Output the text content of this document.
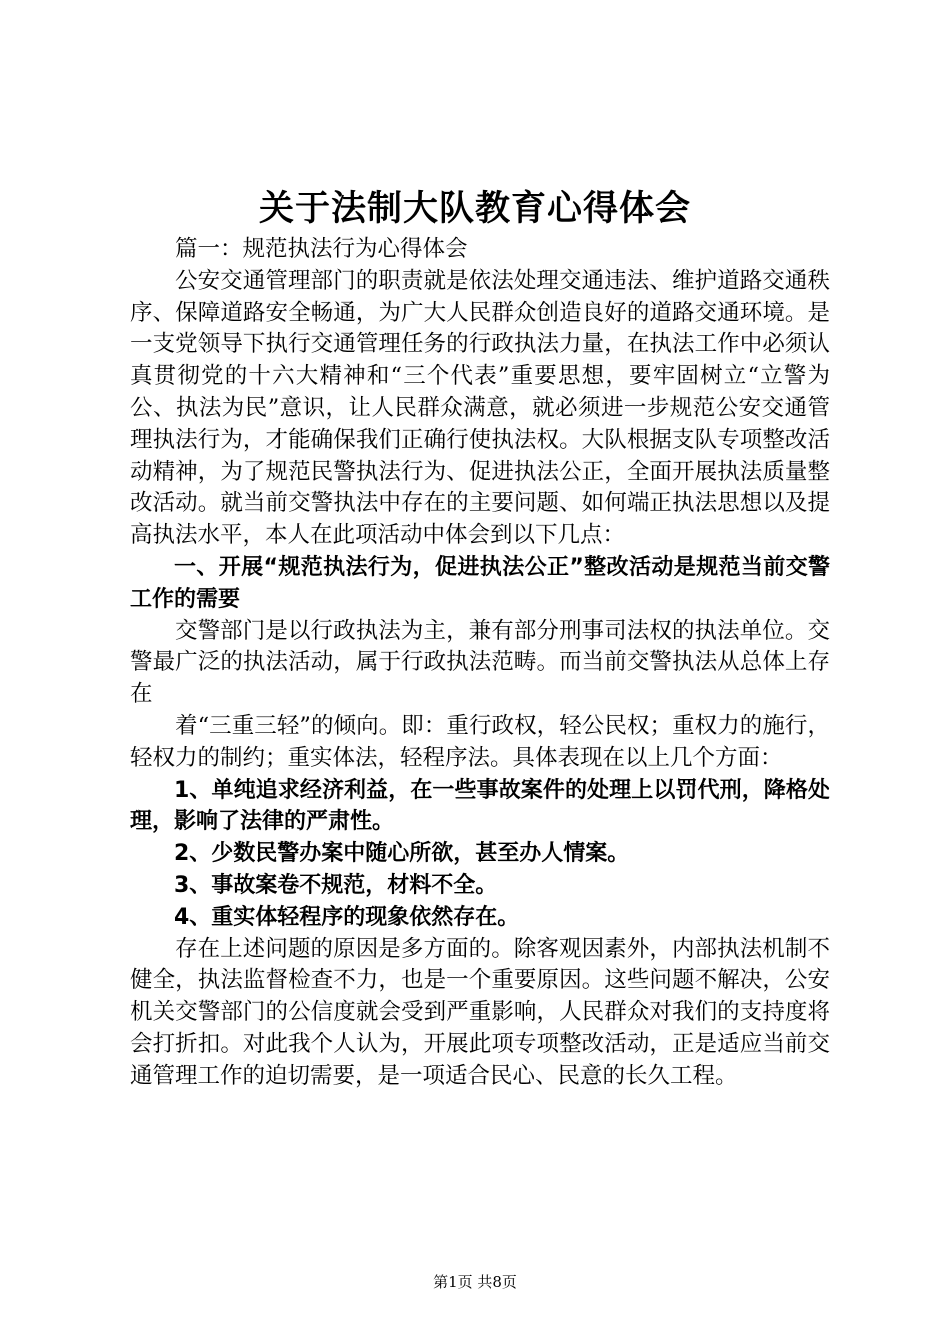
关于法制大队教育心得体会

篇一：规范执法行为心得体会

公安交通管理部门的职责就是依法处理交通违法、维护道路交通秩序、保障道路安全畅通，为广大人民群众创造良好的道路交通环境。是一支党领导下执行交通管理任务的行政执法力量，在执法工作中必须认真贯彻党的十六大精神和“三个代表”重要思想，要牢固树立“立警为公、执法为民”意识，让人民群众满意，就必须进一步规范公安交通管理执法行为，才能确保我们正确行使执法权。大队根据支队专项整改活动精神，为了规范民警执法行为、促进执法公正，全面开展执法质量整改活动。就当前交警执法中存在的主要问题、如何端正执法思想以及提高执法水平，本人在此项活动中体会到以下几点：

一、开展“规范执法行为，促进执法公正”整改活动是规范当前交警工作的需要

交警部门是以行政执法为主，兼有部分刑事司法权的执法单位。交警最广泛的执法活动，属于行政执法范畴。而当前交警执法从总体上存在

着“三重三轻”的倾向。即：重行政权，轻公民权；重权力的施行，轻权力的制约；重实体法，轻程序法。具体表现在以上几个方面：

1、单纯追求经济利益，在一些事故案件的处理上以罚代刑，降格处理，影响了法律的严肃性。

2、少数民警办案中随心所欲，甚至办人情案。

3、事故案卷不规范，材料不全。

4、重实体轻程序的现象依然存在。

存在上述问题的原因是多方面的。除客观因素外，内部执法机制不健全，执法监督检查不力，也是一个重要原因。这些问题不解决，公安机关交警部门的公信度就会受到严重影响，人民群众对我们的支持度将会打折扣。对此我个人认为，开展此项专项整改活动，正是适应当前交通管理工作的迫切需要，是一项适合民心、民意的长久工程。

第1页 共8页
